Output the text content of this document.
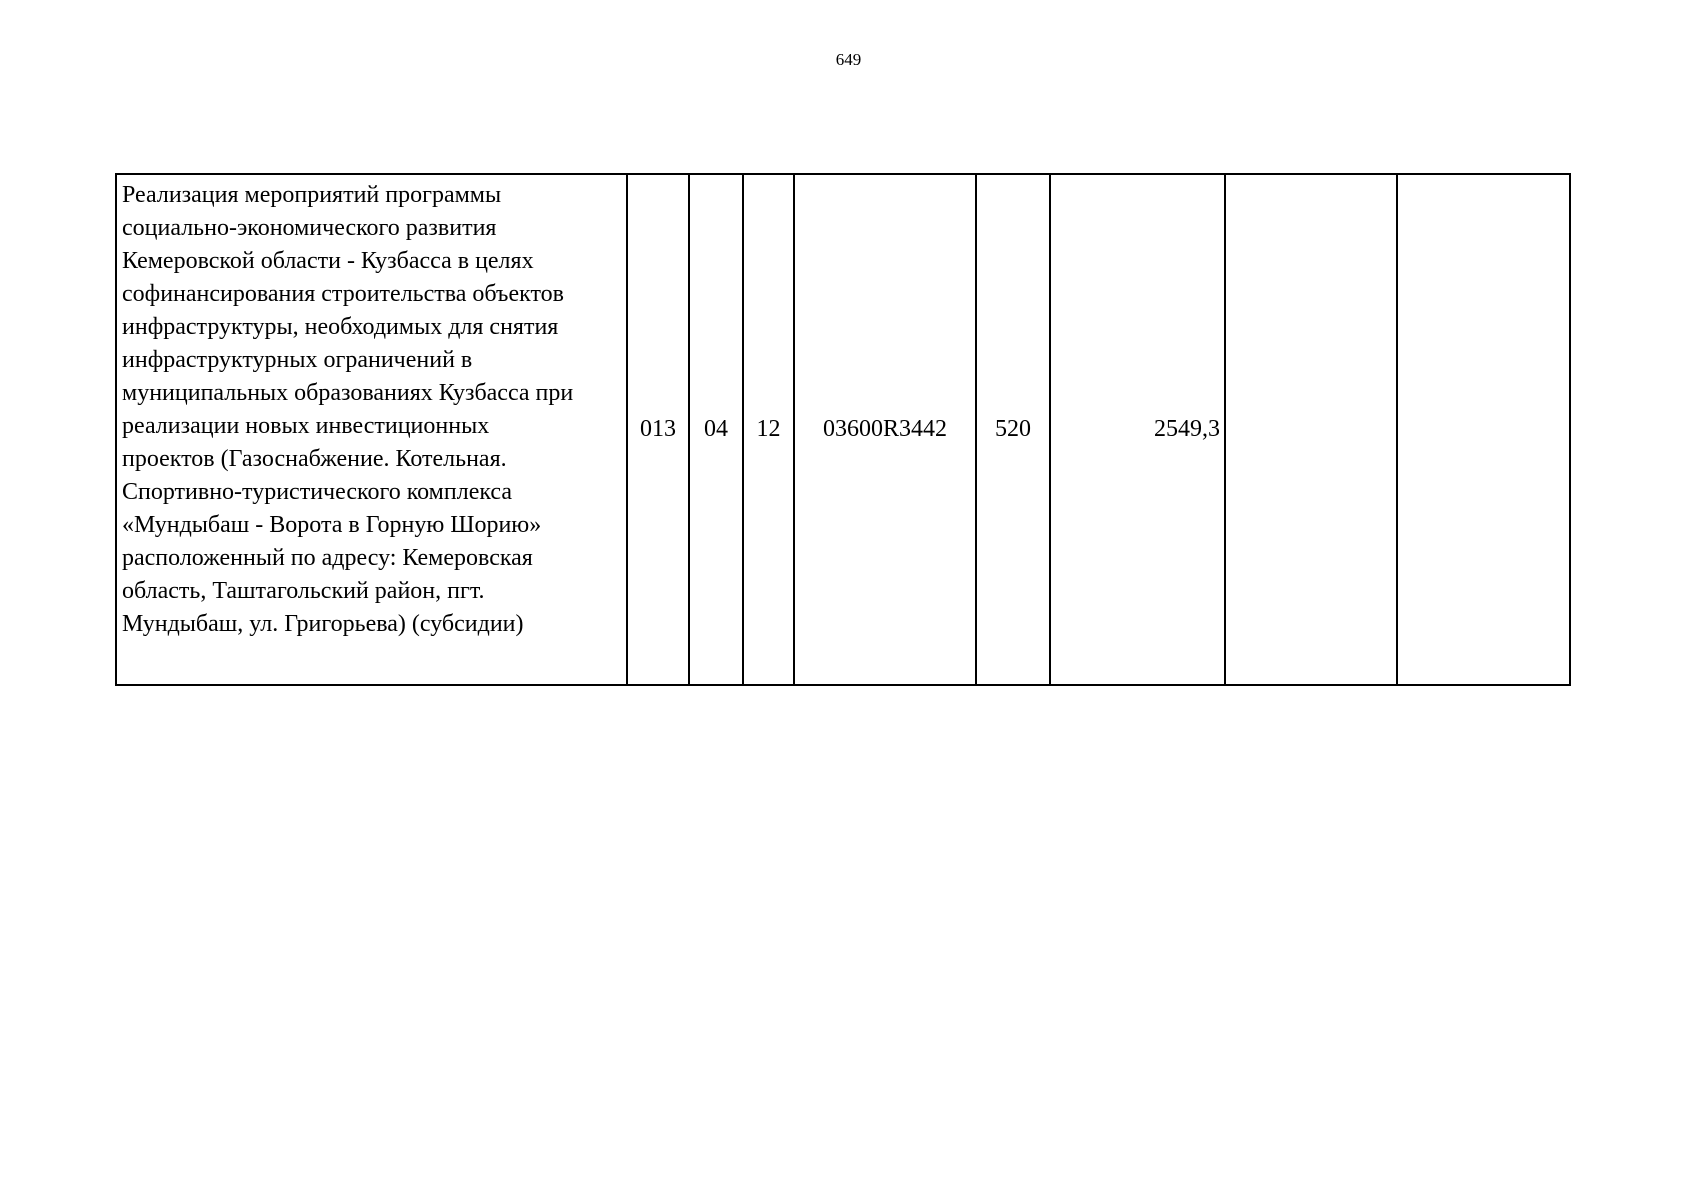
649
Реализация мероприятий программы
социально-экономического развития
Кемеровской области - Кузбасса в целях
софинансирования строительства объектов
инфраструктуры, необходимых для снятия
инфраструктурных ограничений в
муниципальных образованиях Кузбасса при
реализации новых инвестиционных
проектов (Газоснабжение. Котельная.
Спортивно-туристического комплекса
«Мундыбаш - Ворота в Горную Шорию»
расположенный по адресу: Кемеровская
область, Таштагольский район, пгт.
Мундыбаш, ул. Григорьева) (субсидии)	013	04	12	03600R3442	520	2549,3		
